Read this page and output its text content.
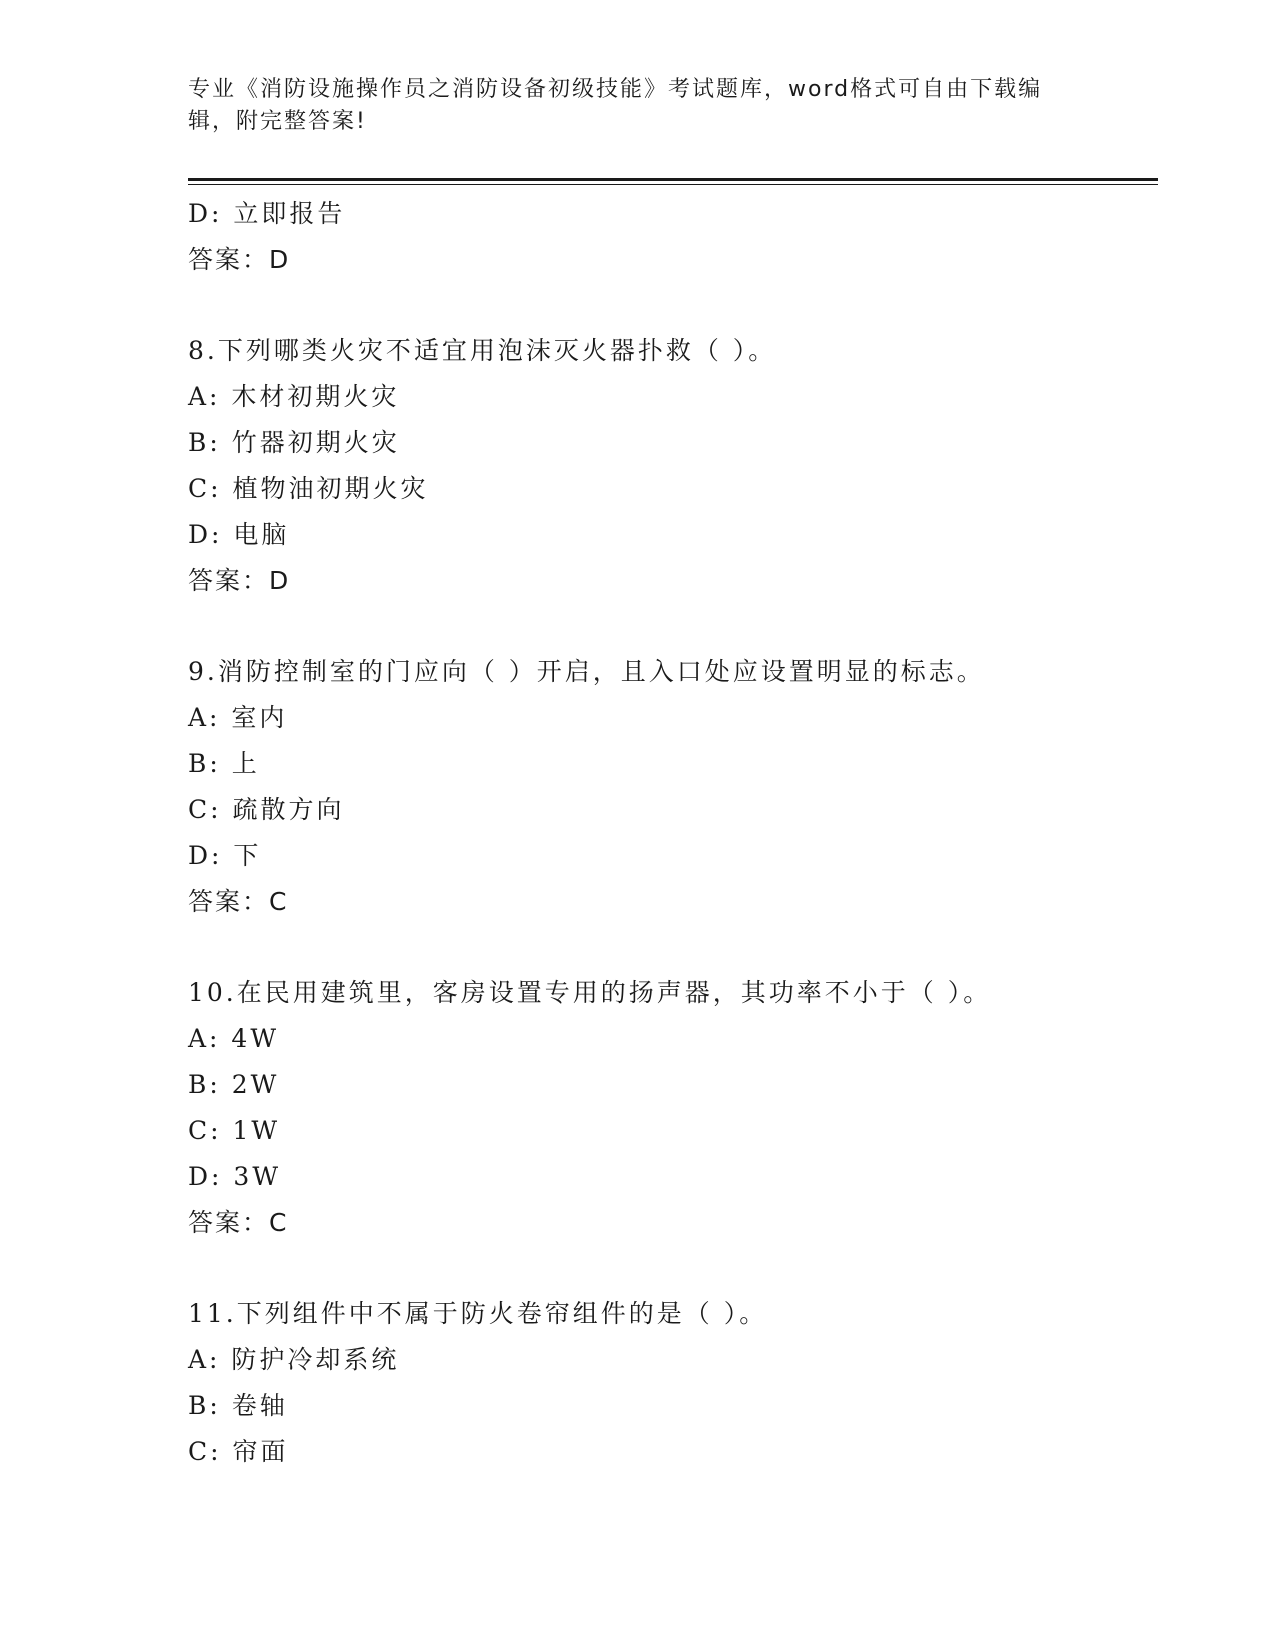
专业《消防设施操作员之消防设备初级技能》考试题库，word格式可自由下载编
辑，附完整答案!
D: 立即报告
答案：D
8.下列哪类火灾不适宜用泡沫灭火器扑救（ ）。
A: 木材初期火灾
B: 竹器初期火灾
C: 植物油初期火灾
D: 电脑
答案：D
9.消防控制室的门应向（ ）开启，且入口处应设置明显的标志。
A: 室内
B: 上
C: 疏散方向
D: 下
答案：C
10.在民用建筑里，客房设置专用的扬声器，其功率不小于（ ）。
A: 4W
B: 2W
C: 1W
D: 3W
答案：C
11.下列组件中不属于防火卷帘组件的是（ ）。
A: 防护冷却系统
B: 卷轴
C: 帘面
